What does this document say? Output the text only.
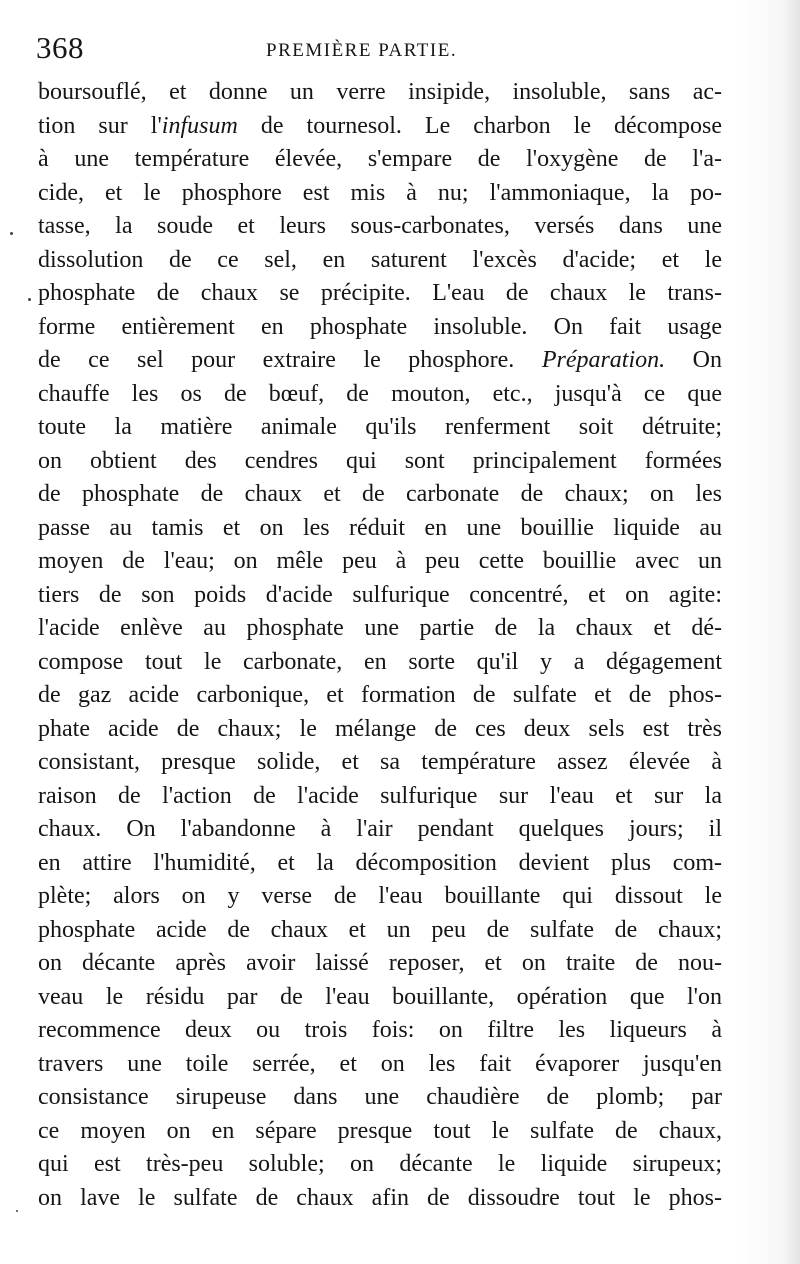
368	PREMIÈRE PARTIE.
boursouflé, et donne un verre insipide, insoluble, sans ac-
tion sur l'infusum de tournesol. Le charbon le décompose
à une température élevée, s'empare de l'oxygène de l'a-
cide, et le phosphore est mis à nu; l'ammoniaque, la po-
tasse, la soude et leurs sous-carbonates, versés dans une
dissolution de ce sel, en saturent l'excès d'acide; et le
phosphate de chaux se précipite. L'eau de chaux le trans-
forme entièrement en phosphate insoluble. On fait usage
de ce sel pour extraire le phosphore. Préparation. On
chauffe les os de bœuf, de mouton, etc., jusqu'à ce que
toute la matière animale qu'ils renferment soit détruite;
on obtient des cendres qui sont principalement formées
de phosphate de chaux et de carbonate de chaux; on les
passe au tamis et on les réduit en une bouillie liquide au
moyen de l'eau; on mêle peu à peu cette bouillie avec un
tiers de son poids d'acide sulfurique concentré, et on agite:
l'acide enlève au phosphate une partie de la chaux et dé-
compose tout le carbonate, en sorte qu'il y a dégagement
de gaz acide carbonique, et formation de sulfate et de phos-
phate acide de chaux; le mélange de ces deux sels est très
consistant, presque solide, et sa température assez élevée à
raison de l'action de l'acide sulfurique sur l'eau et sur la
chaux. On l'abandonne à l'air pendant quelques jours; il
en attire l'humidité, et la décomposition devient plus com-
plète; alors on y verse de l'eau bouillante qui dissout le
phosphate acide de chaux et un peu de sulfate de chaux;
on décante après avoir laissé reposer, et on traite de nou-
veau le résidu par de l'eau bouillante, opération que l'on
recommence deux ou trois fois: on filtre les liqueurs à
travers une toile serrée, et on les fait évaporer jusqu'en
consistance sirupeuse dans une chaudière de plomb; par
ce moyen on en sépare presque tout le sulfate de chaux,
qui est très-peu soluble; on décante le liquide sirupeux;
on lave le sulfate de chaux afin de dissoudre tout le phos-
